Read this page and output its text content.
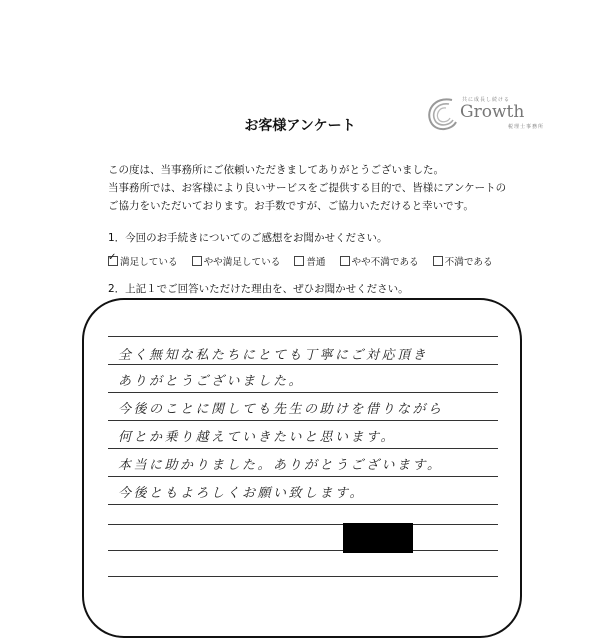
共に成長し続ける
Growth
税理士事務所
お客様アンケート
この度は、当事務所にご依頼いただきましてありがとうございました。
当事務所では、お客様により良いサービスをご提供する目的で、皆様にアンケートの
ご協力をいただいております。お手数ですが、ご協力いただけると幸いです。
1．今回のお手続きについてのご感想をお聞かせください。
✓
満足している	やや満足している	普通	やや不満である	不満である
2．上記１でご回答いただけた理由を、ぜひお聞かせください。
全く無知な私たちにとても丁寧にご対応頂き
ありがとうございました。
今後のことに関しても先生の助けを借りながら
何とか乗り越えていきたいと思います。
本当に助かりました。ありがとうございます。
今後ともよろしくお願い致します。
